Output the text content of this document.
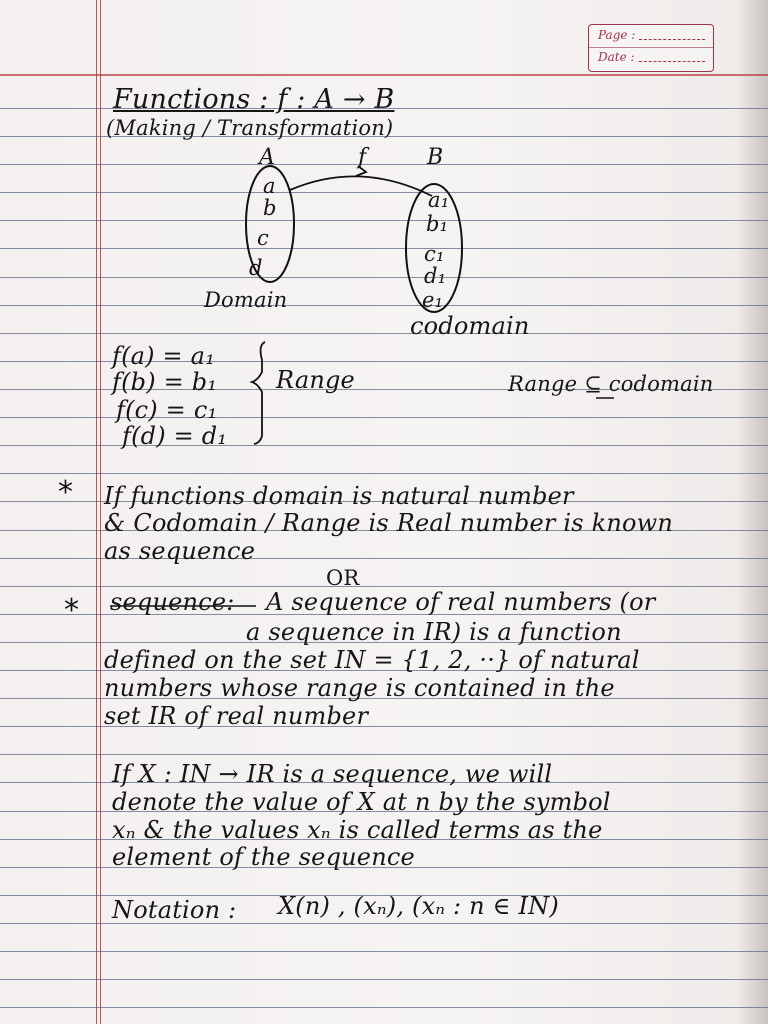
Page :
Date :
Functions : f : A → B
(Making / Transformation)
A	f	B
a
b
c
d
a₁
b₁
c₁
d₁
e₁
Domain
codomain
f(a) = a₁
f(b) = b₁
f(c) = c₁
f(d) = d₁
Range	Range ⊆ codomain
* If functions domain is natural number
& Codomain / Range is Real number is known
as sequence
OR
* sequence: A sequence of real numbers (or
a sequence in IR) is a function
defined on the set IN = {1, 2, ··} of natural
numbers whose range is contained in the
set IR of real number
If X : IN → IR is a sequence, we will
denote the value of X at n by the symbol
xₙ & the values xₙ is called terms as the
element of the sequence
Notation : X(n) , (xₙ), (xₙ : n ∈ IN)
